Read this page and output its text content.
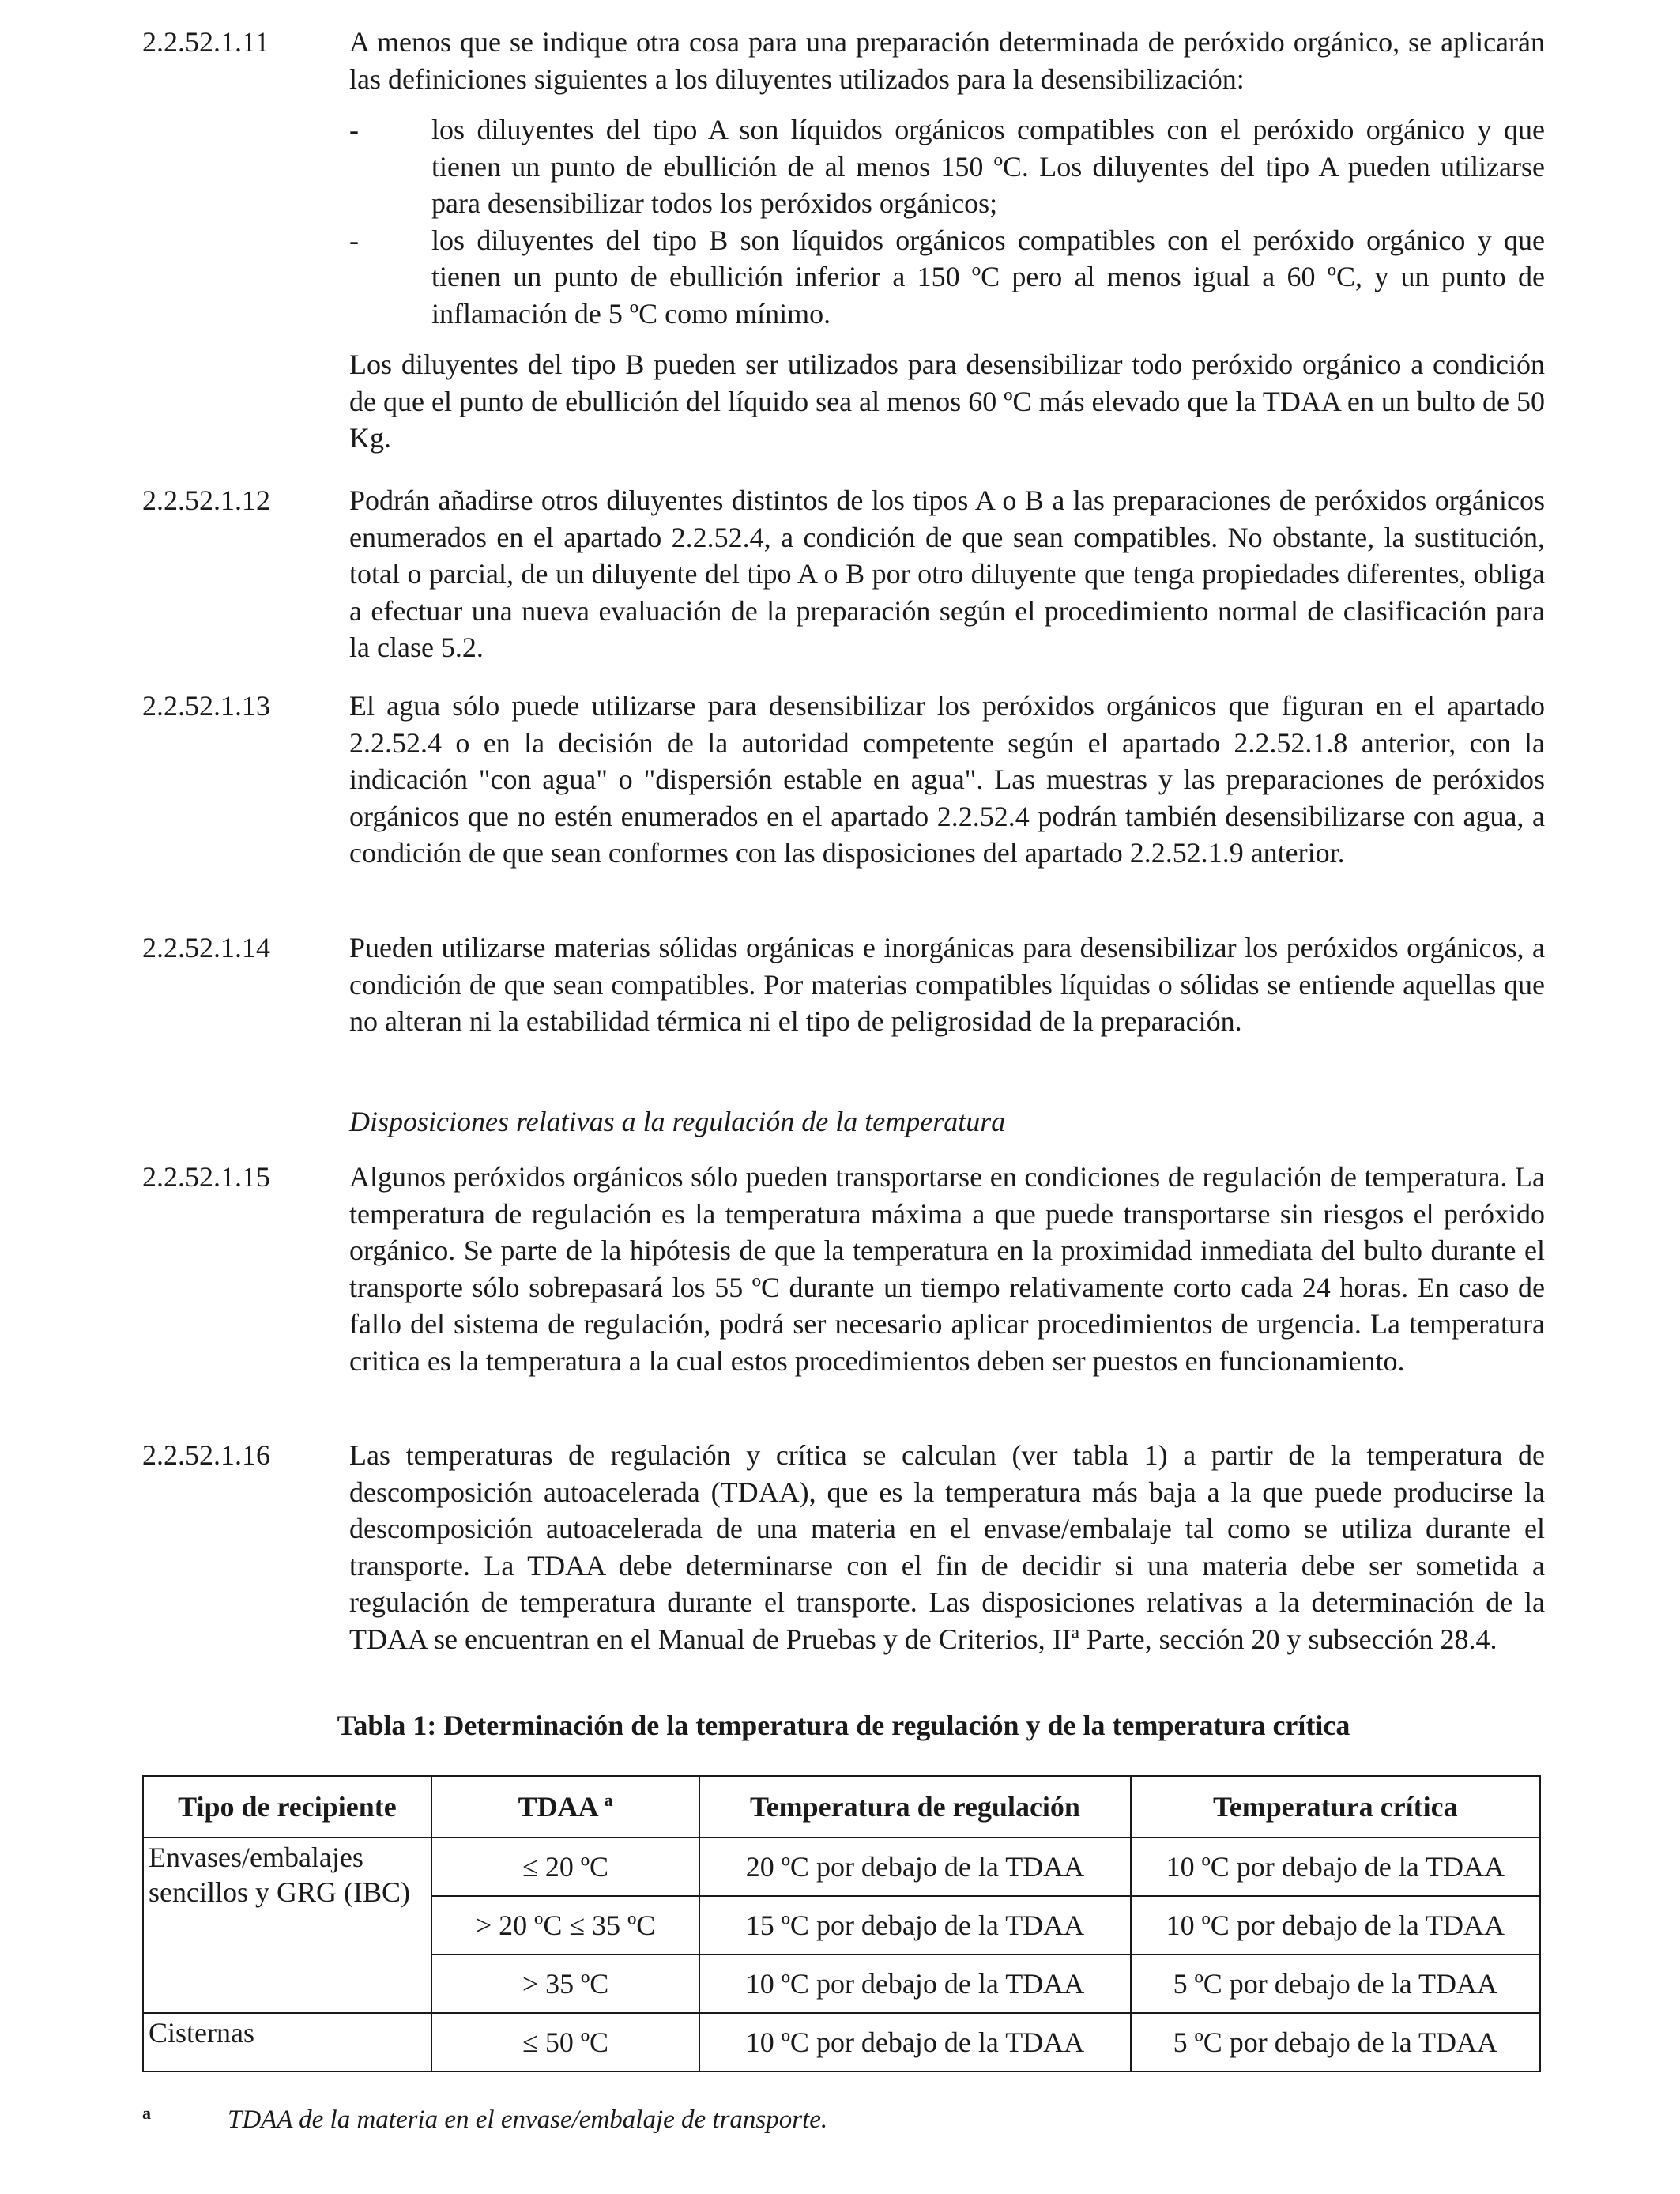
2.2.52.1.11	A menos que se indique otra cosa para una preparación determinada de peróxido orgánico, se aplicarán las definiciones siguientes a los diluyentes utilizados para la desensibilización:

-	los diluyentes del tipo A son líquidos orgánicos compatibles con el peróxido orgánico y que tienen un punto de ebullición de al menos 150 ºC. Los diluyentes del tipo A pueden utilizarse para desensibilizar todos los peróxidos orgánicos;
-	los diluyentes del tipo B son líquidos orgánicos compatibles con el peróxido orgánico y que tienen un punto de ebullición inferior a 150 ºC pero al menos igual a 60 ºC, y un punto de inflamación de 5 ºC como mínimo.

Los diluyentes del tipo B pueden ser utilizados para desensibilizar todo peróxido orgánico a condición de que el punto de ebullición del líquido sea al menos 60 ºC más elevado que la TDAA en un bulto de 50 Kg.

2.2.52.1.12	Podrán añadirse otros diluyentes distintos de los tipos A o B a las preparaciones de peróxidos orgánicos enumerados en el apartado 2.2.52.4, a condición de que sean compatibles. No obstante, la sustitución, total o parcial, de un diluyente del tipo A o B por otro diluyente que tenga propiedades diferentes, obliga a efectuar una nueva evaluación de la preparación según el procedimiento normal de clasificación para la clase 5.2.
2.2.52.1.13	El agua sólo puede utilizarse para desensibilizar los peróxidos orgánicos que figuran en el apartado 2.2.52.4 o en la decisión de la autoridad competente según el apartado 2.2.52.1.8 anterior, con la indicación "con agua" o "dispersión estable en agua". Las muestras y las preparaciones de peróxidos orgánicos que no estén enumerados en el apartado 2.2.52.4 podrán también desensibilizarse con agua, a condición de que sean conformes con las disposiciones del apartado 2.2.52.1.9 anterior.
2.2.52.1.14	Pueden utilizarse materias sólidas orgánicas e inorgánicas para desensibilizar los peróxidos orgánicos, a condición de que sean compatibles. Por materias compatibles líquidas o sólidas se entiende aquellas que no alteran ni la estabilidad térmica ni el tipo de peligrosidad de la preparación.
Disposiciones relativas a la regulación de la temperatura
2.2.52.1.15	Algunos peróxidos orgánicos sólo pueden transportarse en condiciones de regulación de temperatura. La temperatura de regulación es la temperatura máxima a que puede transportarse sin riesgos el peróxido orgánico. Se parte de la hipótesis de que la temperatura en la proximidad inmediata del bulto durante el transporte sólo sobrepasará los 55 ºC durante un tiempo relativamente corto cada 24 horas. En caso de fallo del sistema de regulación, podrá ser necesario aplicar procedimientos de urgencia. La temperatura critica es la temperatura a la cual estos procedimientos deben ser puestos en funcionamiento.
2.2.52.1.16	Las temperaturas de regulación y crítica se calculan (ver tabla 1) a partir de la temperatura de descomposición autoacelerada (TDAA), que es la temperatura más baja a la que puede producirse la descomposición autoacelerada de una materia en el envase/embalaje tal como se utiliza durante el transporte. La TDAA debe determinarse con el fin de decidir si una materia debe ser sometida a regulación de temperatura durante el transporte. Las disposiciones relativas a la determinación de la TDAA se encuentran en el Manual de Pruebas y de Criterios, IIª Parte, sección 20 y subsección 28.4.
Tabla 1: Determinación de la temperatura de regulación y de la temperatura crítica
Tipo de recipiente	TDAA $^a$	Temperatura de regulación	Temperatura crítica
Envases/embalajes sencillos y GRG (IBC)	≤ 20 ºC	20 ºC por debajo de la TDAA	10 ºC por debajo de la TDAA
	> 20 ºC ≤ 35 ºC	15 ºC por debajo de la TDAA	10 ºC por debajo de la TDAA
	> 35 ºC	10 ºC por debajo de la TDAA	5 ºC por debajo de la TDAA
Cisternas	≤ 50 ºC	10 ºC por debajo de la TDAA	5 ºC por debajo de la TDAA
a	TDAA de la materia en el envase/embalaje de transporte.
